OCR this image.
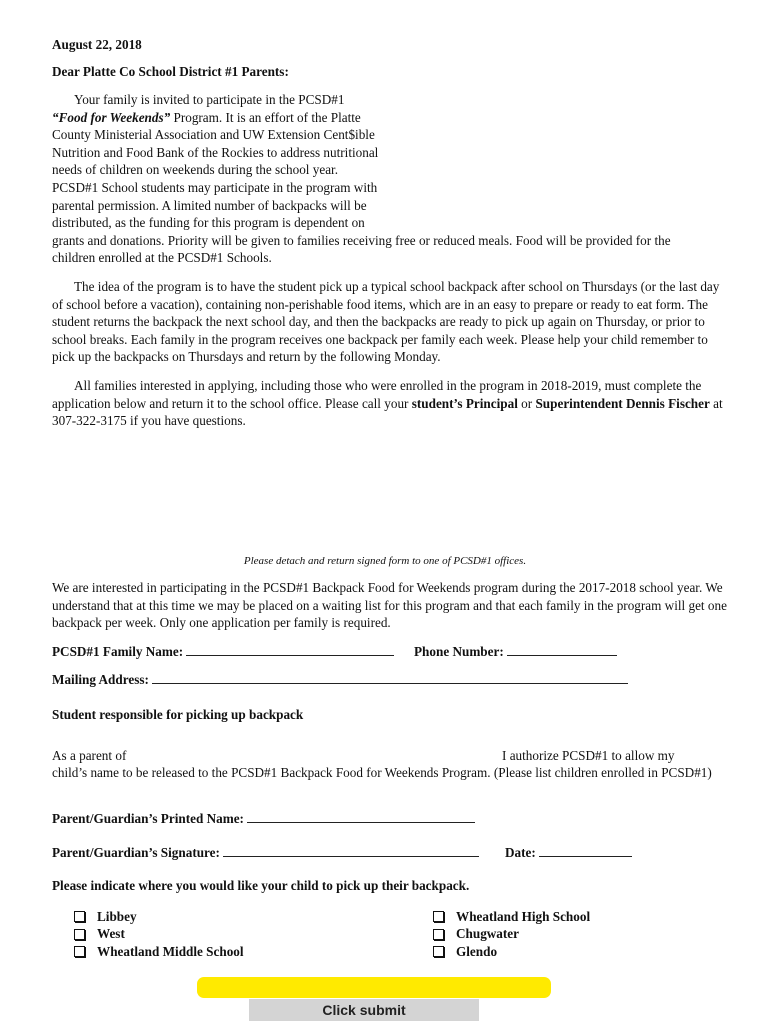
August 22, 2018
Dear Platte Co School District #1 Parents:
Your family is invited to participate in the PCSD#1
“Food for Weekends” Program. It is an effort of the Platte
County Ministerial Association and UW Extension Cent$ible
Nutrition and Food Bank of the Rockies to address nutritional
needs of children on weekends during the school year.
PCSD#1 School students may participate in the program with
parental permission. A limited number of backpacks will be
distributed, as the funding for this program is dependent on
grants and donations. Priority will be given to families receiving free or reduced meals. Food will be provided for the
children enrolled at the PCSD#1 Schools.
The idea of the program is to have the student pick up a typical school backpack after school on Thursdays (or the last day of school before a vacation), containing non-perishable food items, which are in an easy to prepare or ready to eat form. The student returns the backpack the next school day, and then the backpacks are ready to pick up again on Thursday, or prior to school breaks. Each family in the program receives one backpack per family each week. Please help your child remember to pick up the backpacks on Thursdays and return by the following Monday.
All families interested in applying, including those who were enrolled in the program in 2018-2019, must complete the application below and return it to the school office. Please call your student’s Principal or Superintendent Dennis Fischer at 307-322-3175 if you have questions.
Please detach and return signed form to one of PCSD#1 offices.
We are interested in participating in the PCSD#1 Backpack Food for Weekends program during the 2017-2018 school year. We understand that at this time we may be placed on a waiting list for this program and that each family in the program will get one backpack per week. Only one application per family is required.
PCSD#1 Family Name:	Phone Number:
Mailing Address:
Student responsible for picking up backpack
As a parent of	I authorize PCSD#1 to allow my
child’s name to be released to the PCSD#1 Backpack Food for Weekends Program. (Please list children enrolled in PCSD#1)
Parent/Guardian’s Printed Name:
Parent/Guardian’s Signature:	Date:
Please indicate where you would like your child to pick up their backpack.
Libbey
West
Wheatland Middle School
Wheatland High School
Chugwater
Glendo
Click submit
